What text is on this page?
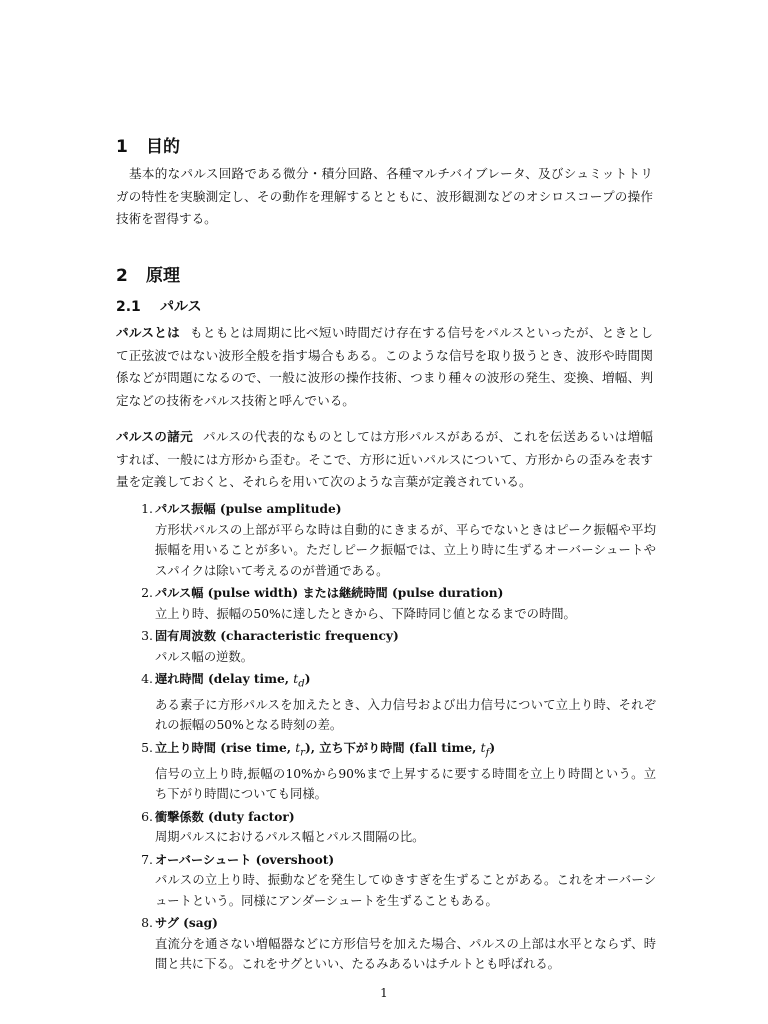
1 目的

基本的なパルス回路である微分・積分回路、各種マルチバイブレータ、及びシュミットトリガの特性を実験測定し、その動作を理解するとともに、波形観測などのオシロスコープの操作技術を習得する。

2 原理
2.1 パルス

パルスとは もともとは周期に比べ短い時間だけ存在する信号をパルスといったが、ときとして正弦波ではない波形全般を指す場合もある。このような信号を取り扱うとき、波形や時間関係などが問題になるので、一般に波形の操作技術、つまり種々の波形の発生、変換、増幅、判定などの技術をパルス技術と呼んでいる。

パルスの諸元 パルスの代表的なものとしては方形パルスがあるが、これを伝送あるいは増幅すれば、一般には方形から歪む。そこで、方形に近いパルスについて、方形からの歪みを表す量を定義しておくと、それらを用いて次のような言葉が定義されている。

1. パルス振幅 (pulse amplitude)
方形状パルスの上部が平らな時は自動的にきまるが、平らでないときはピーク振幅や平均振幅を用いることが多い。ただしピーク振幅では、立上り時に生ずるオーバーシュートやスパイクは除いて考えるのが普通である。
2. パルス幅 (pulse width) または継続時間 (pulse duration)
立上り時、振幅の50%に達したときから、下降時同じ値となるまでの時間。
3. 固有周波数 (characteristic frequency)
パルス幅の逆数。
4. 遅れ時間 (delay time, $t_d$)
ある素子に方形パルスを加えたとき、入力信号および出力信号について立上り時、それぞれの振幅の50%となる時刻の差。
5. 立上り時間 (rise time, $t_r$), 立ち下がり時間 (fall time, $t_f$)
信号の立上り時,振幅の10%から90%まで上昇するに要する時間を立上り時間という。立ち下がり時間についても同様。
6. 衝撃係数 (duty factor)
周期パルスにおけるパルス幅とパルス間隔の比。
7. オーバーシュート (overshoot)
パルスの立上り時、振動などを発生してゆきすぎを生ずることがある。これをオーバーシュートという。同様にアンダーシュートを生ずることもある。
8. サグ (sag)
直流分を通さない増幅器などに方形信号を加えた場合、パルスの上部は水平とならず、時間と共に下る。これをサグといい、たるみあるいはチルトとも呼ばれる。
1
